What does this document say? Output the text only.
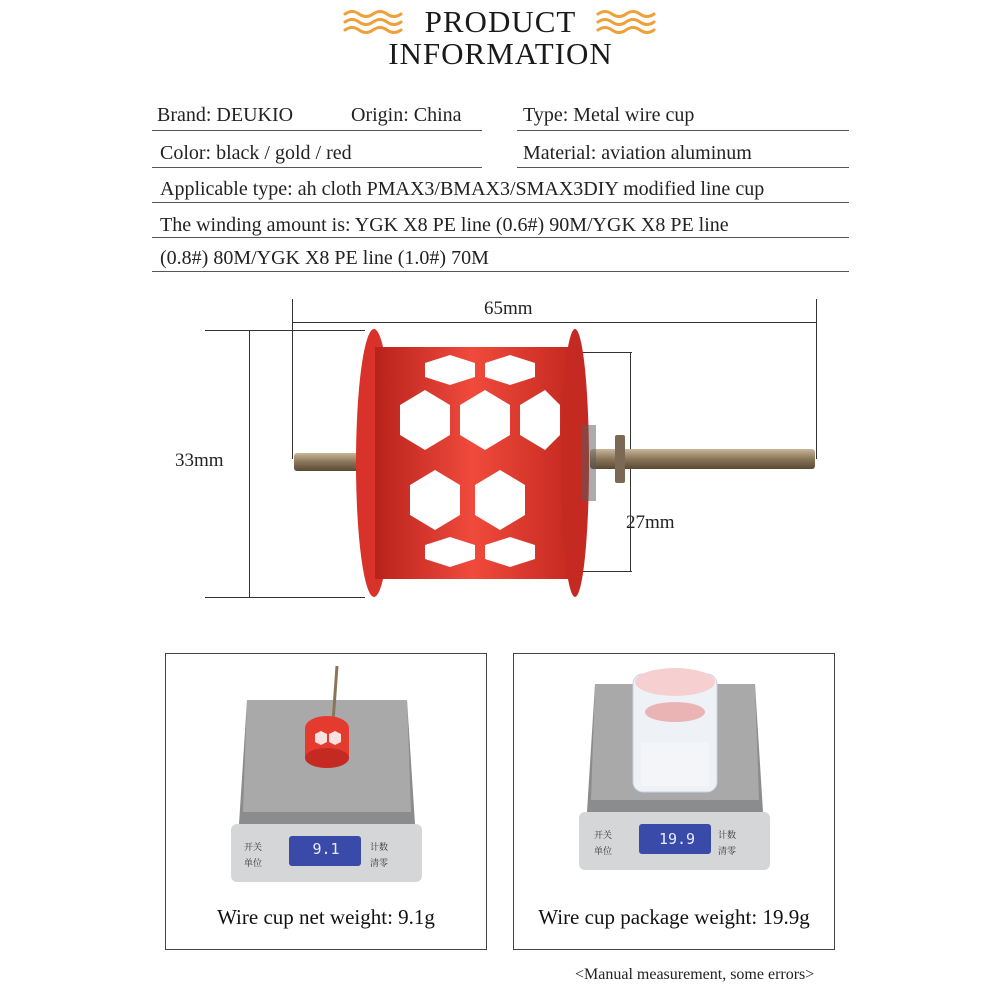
PRODUCT
INFORMATION
Brand: DEUKIO	Origin: China	Type: Metal wire cup
Color: black / gold / red	Material: aviation aluminum
Applicable type: ah cloth PMAX3/BMAX3/SMAX3DIY modified line cup
The winding amount is: YGK X8 PE line (0.6#) 90M/YGK X8 PE line
(0.8#) 80M/YGK X8 PE line (1.0#) 70M
65mm
33mm
27mm
9.1
开关
单位
计数
清零
19.9
开关
单位
计数
清零
Wire cup net weight: 9.1g	Wire cup package weight: 19.9g
<Manual measurement, some errors>
